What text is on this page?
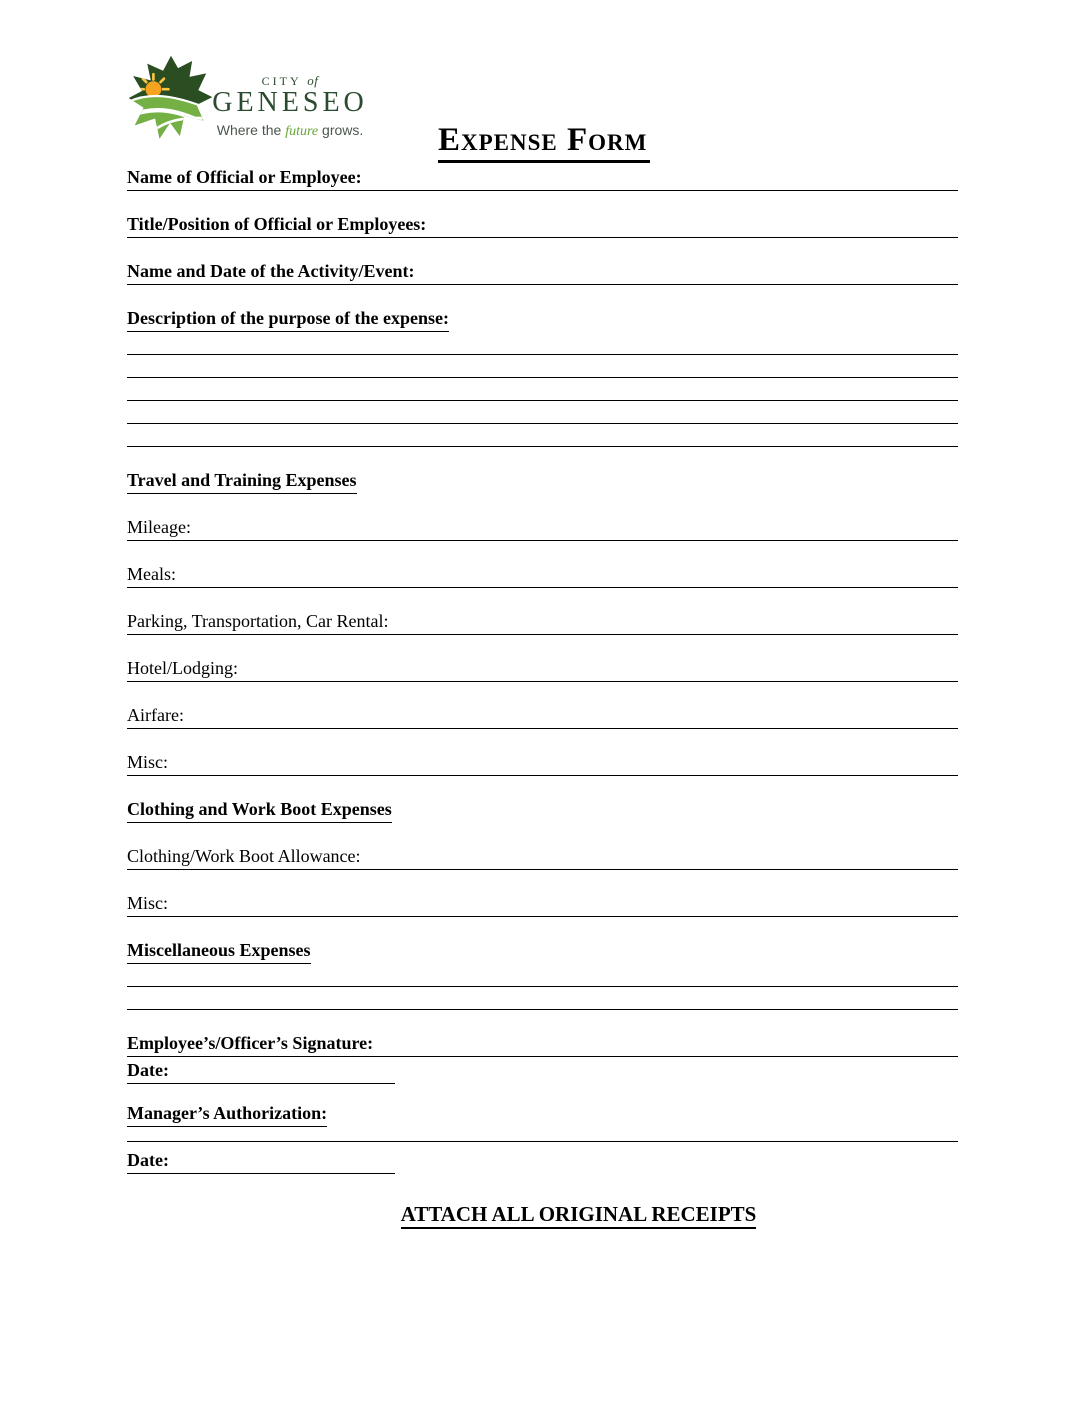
CITY of
GENESEO
Where the future grows.	Expense Form
Name of Official or Employee:
Title/Position of Official or Employees:
Name and Date of the Activity/Event:
Description of the purpose of the expense:
Travel and Training Expenses
Mileage:
Meals:
Parking, Transportation, Car Rental:
Hotel/Lodging:
Airfare:
Misc:
Clothing and Work Boot Expenses
Clothing/Work Boot Allowance:
Misc:
Miscellaneous Expenses
Employee’s/Officer’s Signature:
Date:
Manager’s Authorization:
Date:
ATTACH ALL ORIGINAL RECEIPTS
